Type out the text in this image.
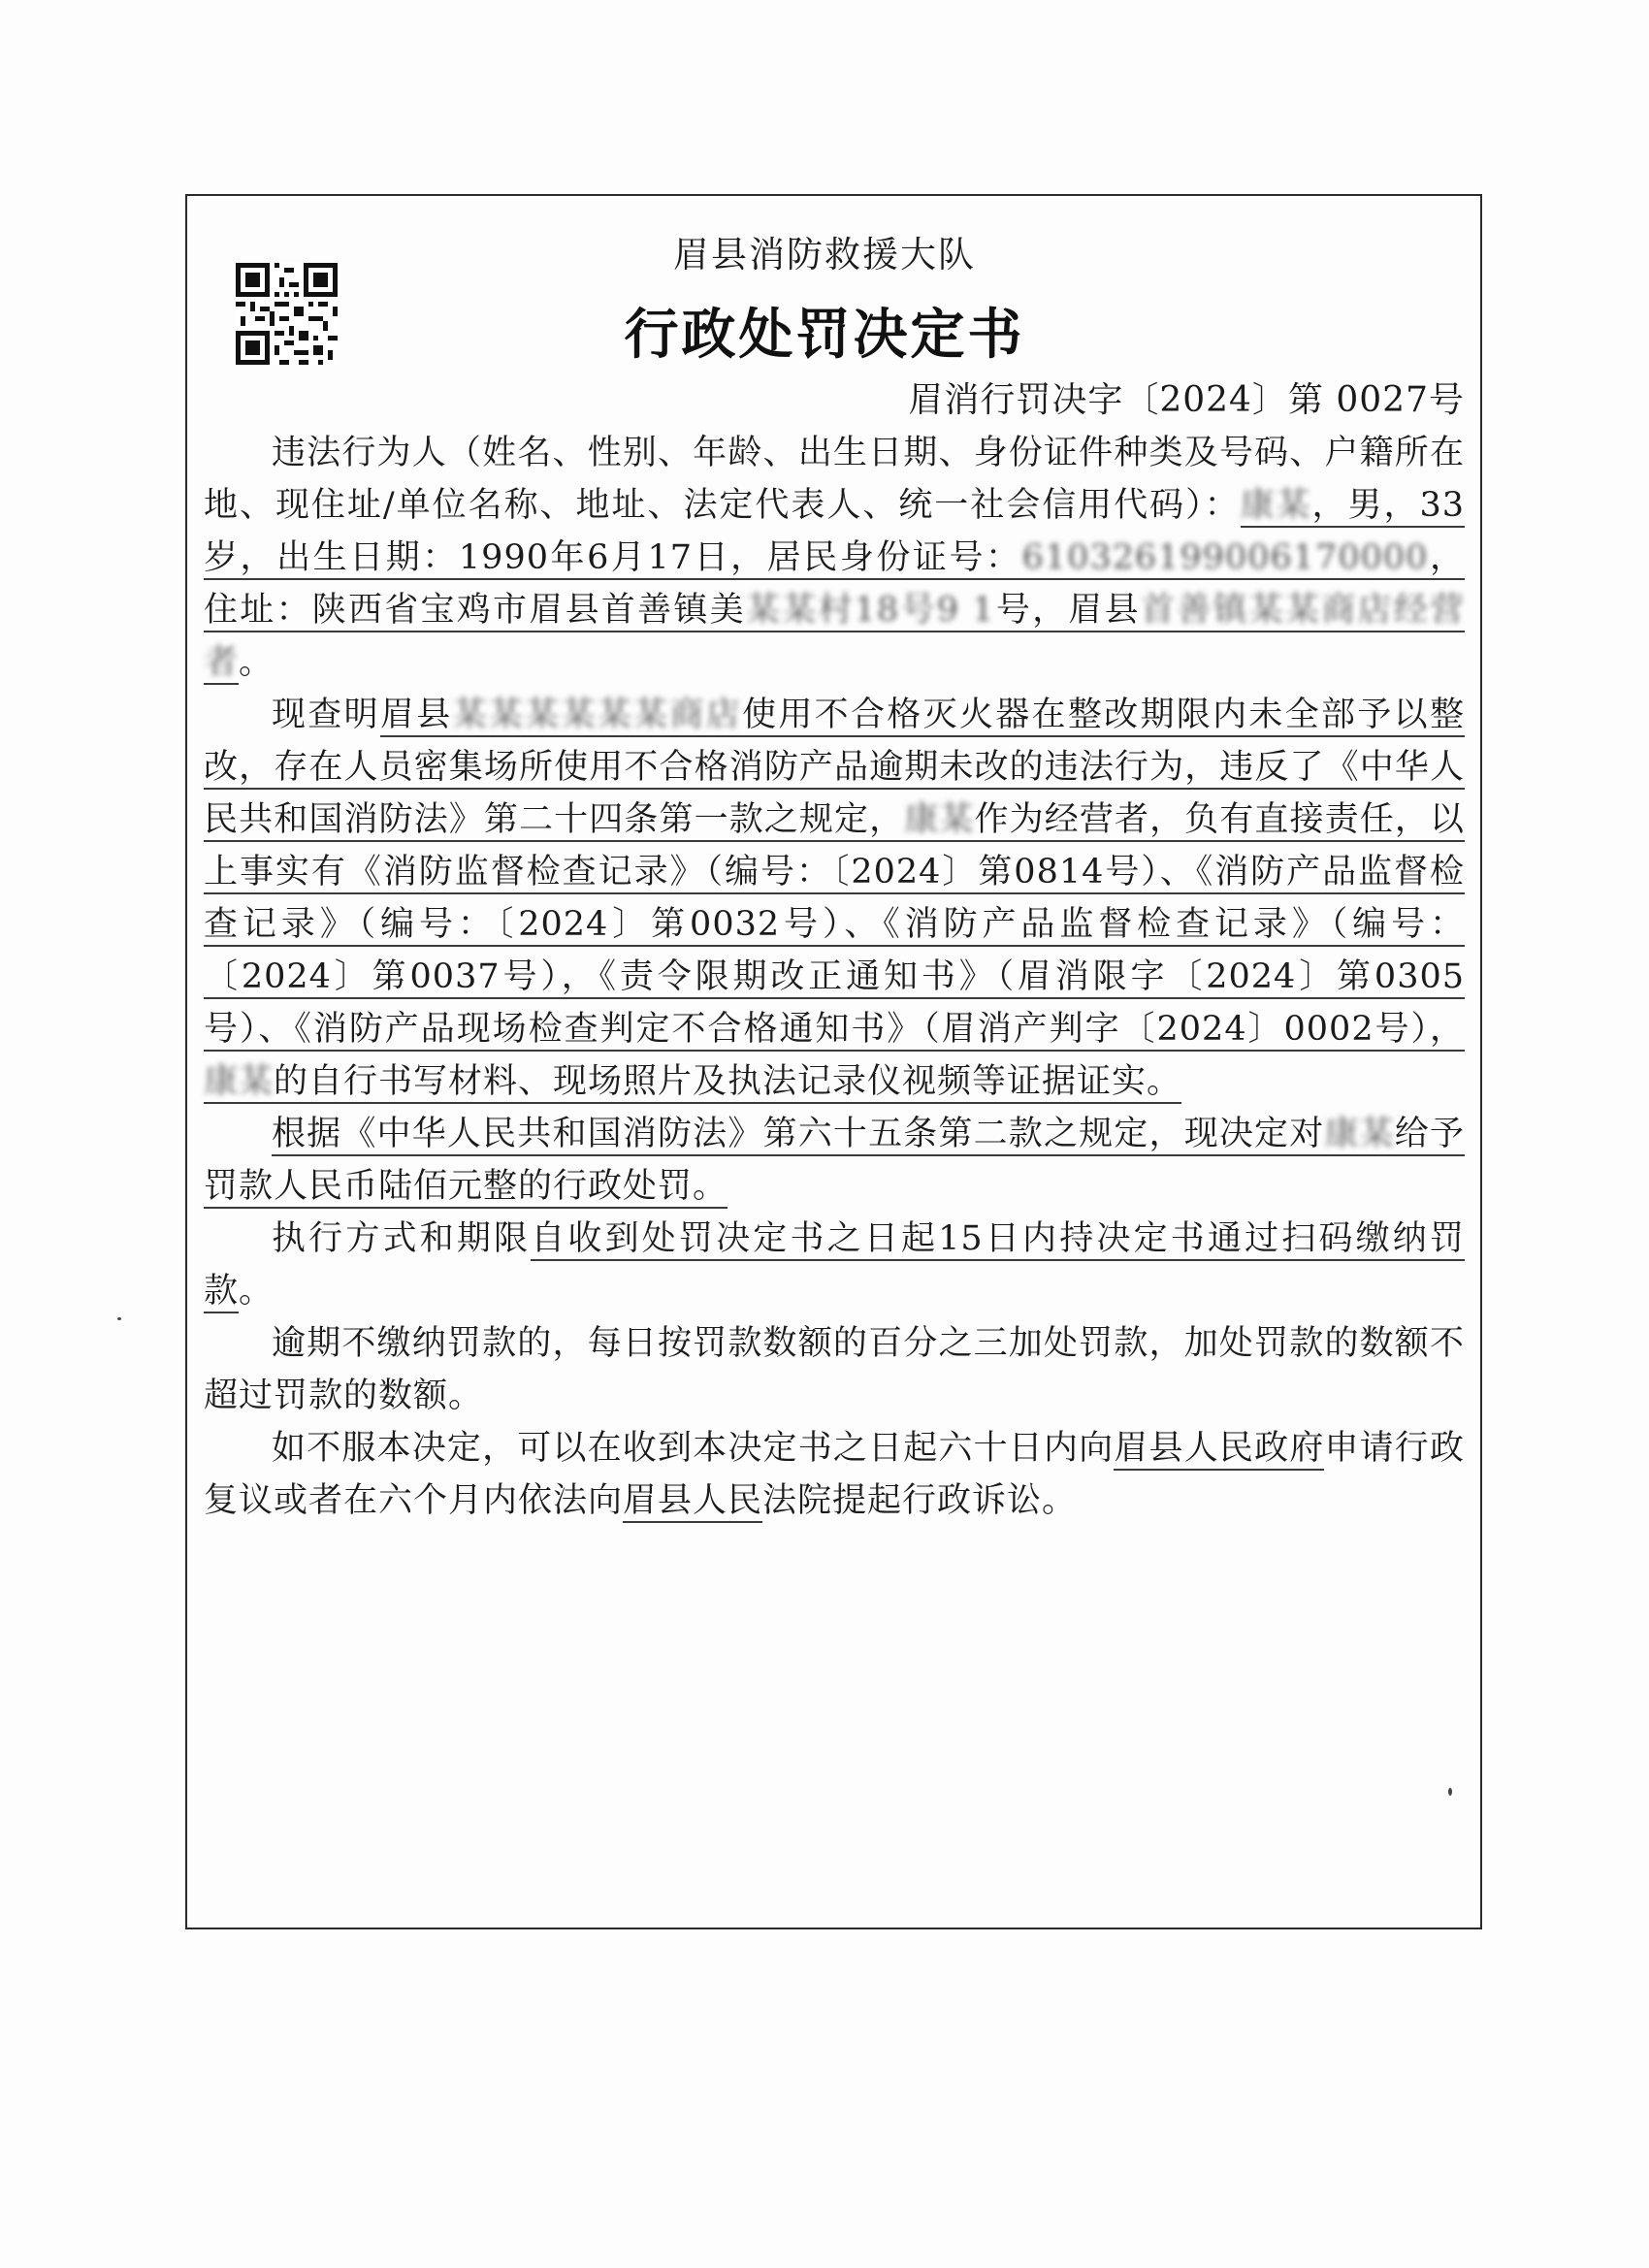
眉县消防救援大队
行政处罚决定书
眉消行罚决字〔2024〕第 0027号

违法行为人（姓名、性别、年龄、出生日期、身份证件种类及号码、户籍所在地、现住址/单位名称、地址、法定代表人、统一社会信用代码）：康某，男，33岁，出生日期：1990年6月17日，居民身份证号：610326199006170000，住址：陕西省宝鸡市眉县首善镇美某某村18号9 1号，眉县首善镇某某商店经营者。

现查明眉县某某某某某某商店使用不合格灭火器在整改期限内未全部予以整改，存在人员密集场所使用不合格消防产品逾期未改的违法行为，违反了《中华人民共和国消防法》第二十四条第一款之规定，康某作为经营者，负有直接责任，以上事实有《消防监督检查记录》（编号：〔2024〕第0814号）、《消防产品监督检查记录》（编号：〔2024〕第0032号）、《消防产品监督检查记录》（编号：〔2024〕第0037号），《责令限期改正通知书》（眉消限字〔2024〕第0305号）、《消防产品现场检查判定不合格通知书》（眉消产判字〔2024〕0002号），康某的自行书写材料、现场照片及执法记录仪视频等证据证实。

根据《中华人民共和国消防法》第六十五条第二款之规定，现决定对康某给予罚款人民币陆佰元整的行政处罚。

执行方式和期限自收到处罚决定书之日起15日内持决定书通过扫码缴纳罚款。

逾期不缴纳罚款的，每日按罚款数额的百分之三加处罚款，加处罚款的数额不超过罚款的数额。

如不服本决定，可以在收到本决定书之日起六十日内向眉县人民政府申请行政复议或者在六个月内依法向眉县人民法院提起行政诉讼。
